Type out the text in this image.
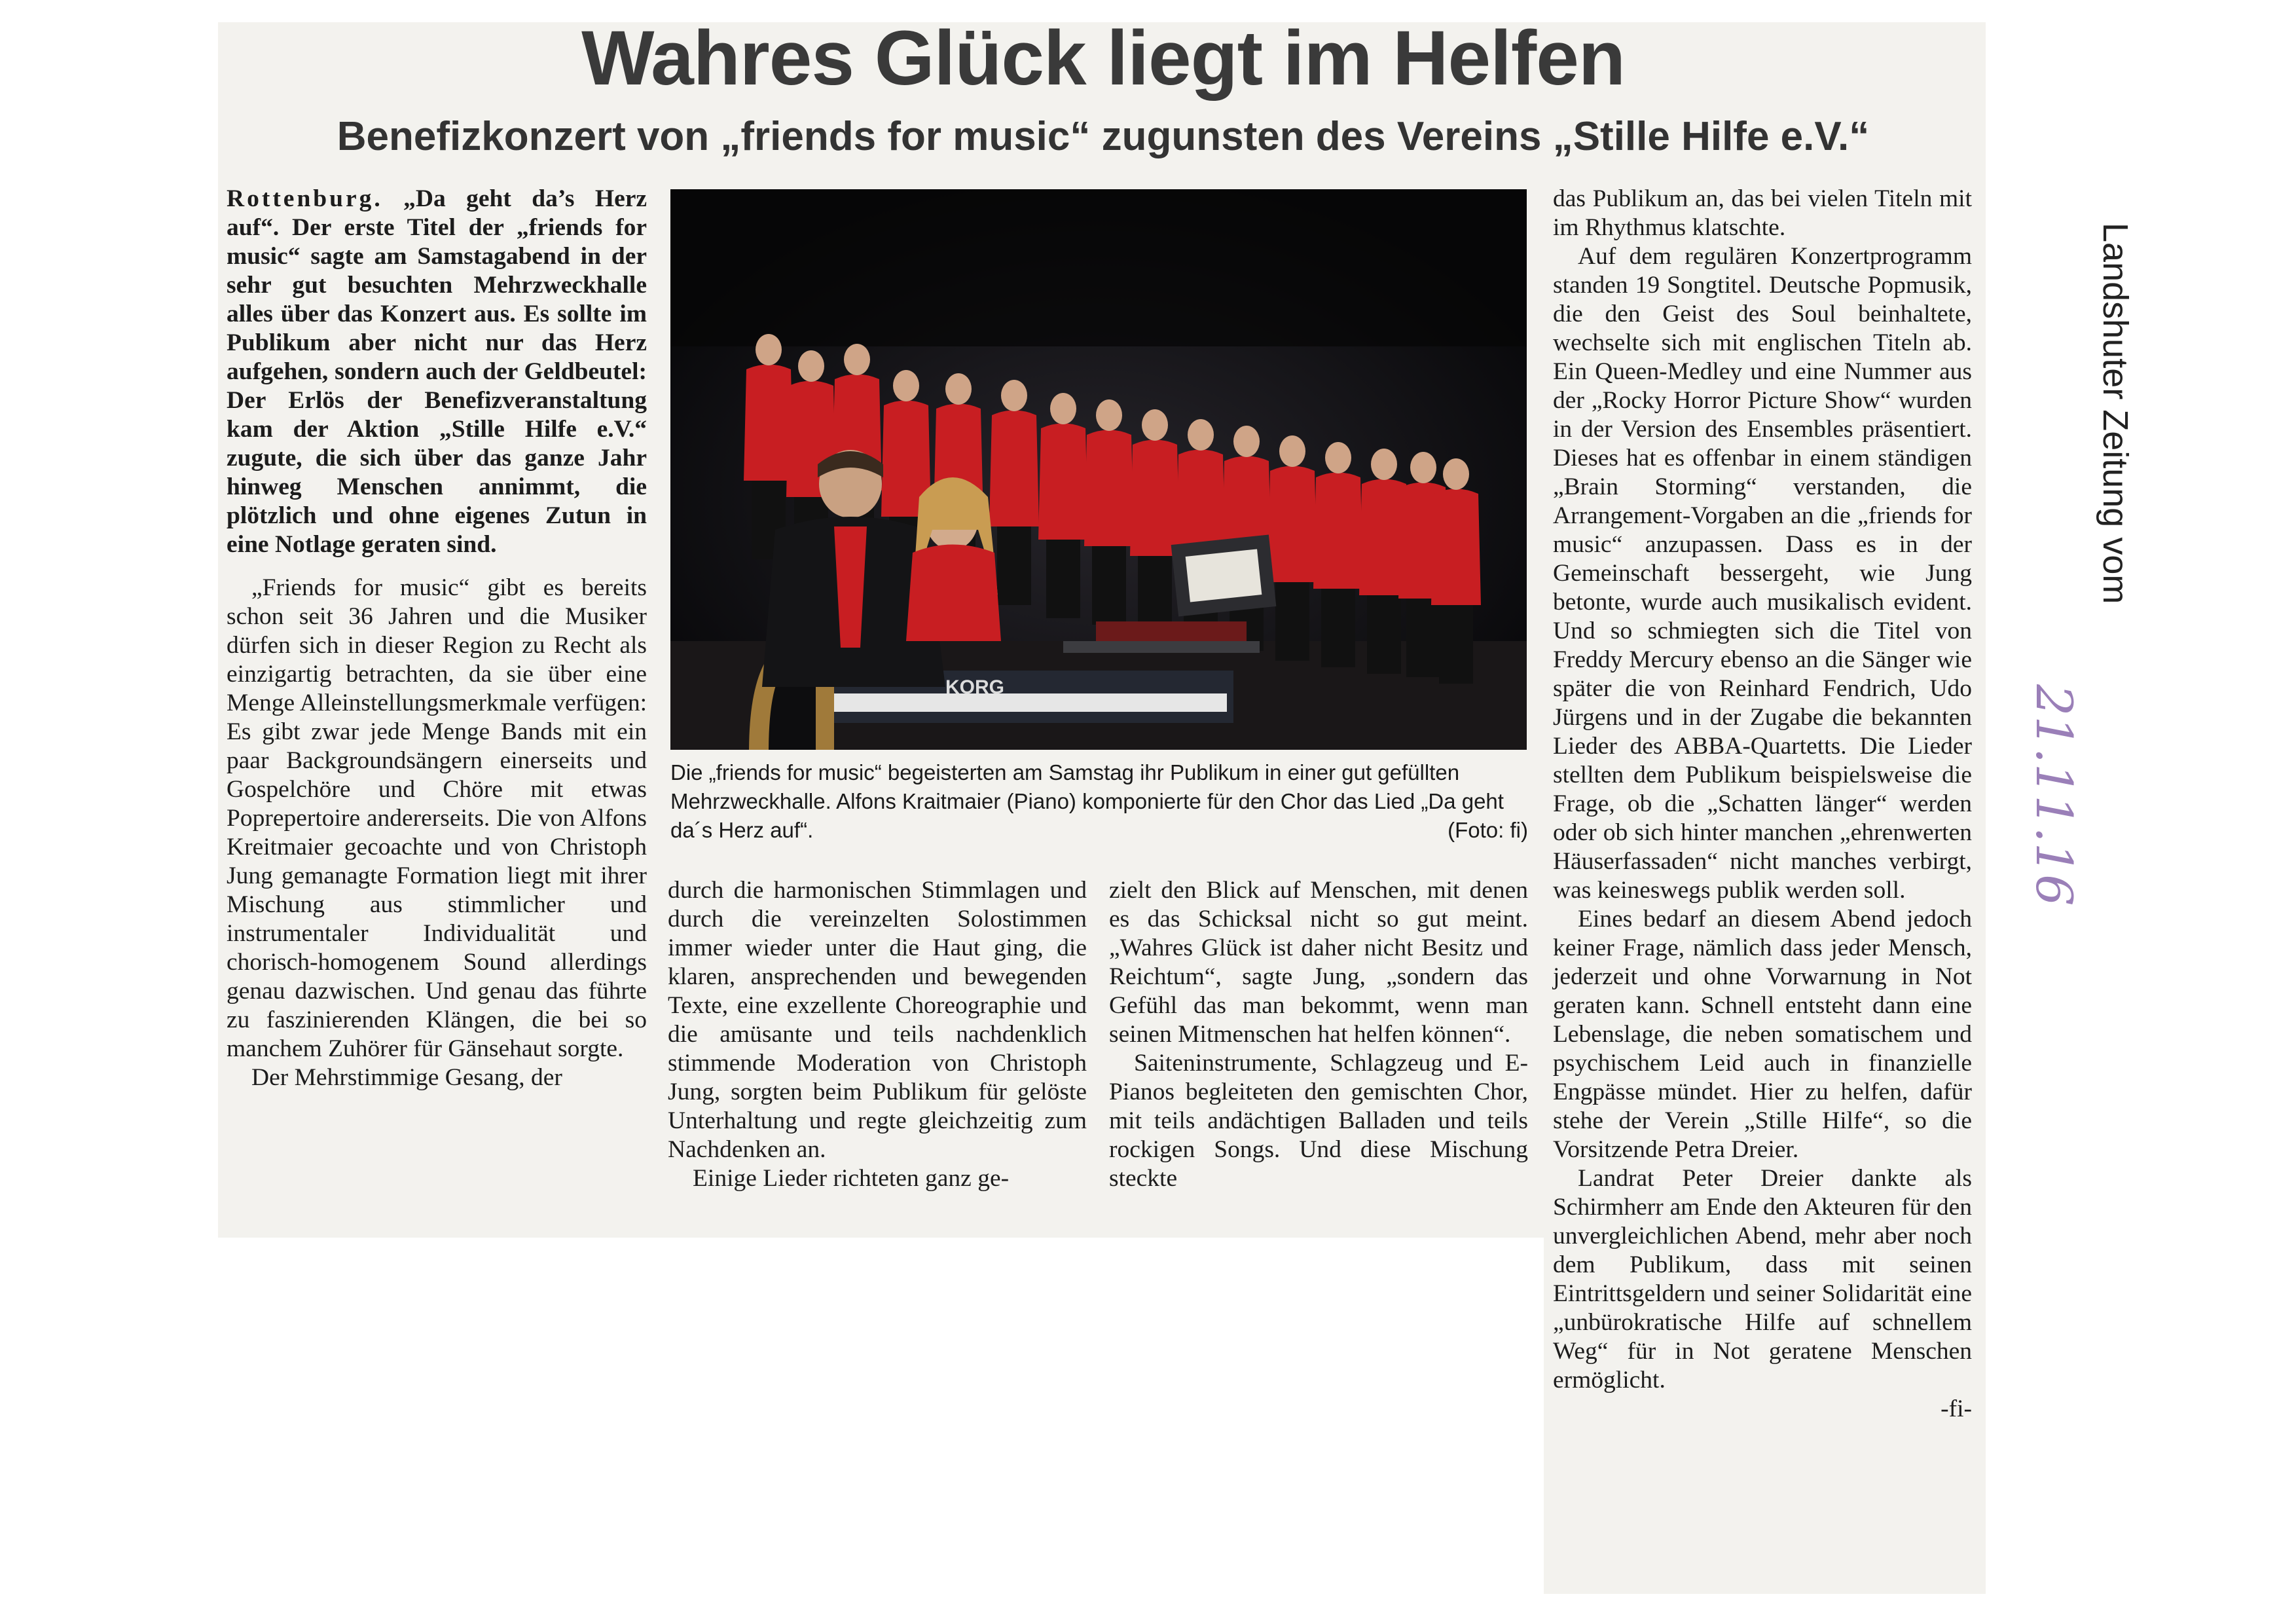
Wahres Glück liegt im Helfen
Benefizkonzert von „friends for music“ zugunsten des Vereins „Stille Hilfe e.V.“

Rottenburg. „Da geht da’s Herz auf“. Der erste Titel der „friends for music“ sagte am Samstagabend in der sehr gut besuchten Mehrzweckhalle alles über das Konzert aus. Es sollte im Publikum aber nicht nur das Herz aufgehen, sondern auch der Geldbeutel: Der Erlös der Benefizveranstaltung kam der Aktion „Stille Hilfe e.V.“ zugute, die sich über das ganze Jahr hinweg Menschen annimmt, die plötzlich und ohne eigenes Zutun in eine Notlage geraten sind.

„Friends for music“ gibt es bereits schon seit 36 Jahren und die Musiker dürfen sich in dieser Region zu Recht als einzigartig betrachten, da sie über eine Menge Alleinstellungsmerkmale verfügen: Es gibt zwar jede Menge Bands mit ein paar Backgroundsängern einerseits und Gospelchöre und Chöre mit etwas Poprepertoire andererseits. Die von Alfons Kreitmaier gecoachte und von Christoph Jung gemanagte Formation liegt mit ihrer Mischung aus stimmlicher und instrumentaler Individualität und chorisch-homogenem Sound allerdings genau dazwischen. Und genau das führte zu faszinierenden Klängen, die bei so manchem Zuhörer für Gänsehaut sorgte.

Der Mehrstimmige Gesang, der

KORG
Die „friends for music“ begeisterten am Samstag ihr Publikum in einer gut gefüllten Mehrzweckhalle. Alfons Kraitmaier (Piano) komponierte für den Chor das Lied „Da geht da´s Herz auf“.	(Foto: fi)

durch die harmonischen Stimmlagen und durch die vereinzelten Solostimmen immer wieder unter die Haut ging, die klaren, ansprechenden und bewegenden Texte, eine exzellente Choreographie und die amüsante und teils nachdenklich stimmende Moderation von Christoph Jung, sorgten beim Publikum für gelöste Unterhaltung und regte gleichzeitig zum Nachdenken an.

Einige Lieder richteten ganz ge-

zielt den Blick auf Menschen, mit denen es das Schicksal nicht so gut meint. „Wahres Glück ist daher nicht Besitz und Reichtum“, sagte Jung, „sondern das Gefühl das man bekommt, wenn man seinen Mitmenschen hat helfen können“.

Saiteninstrumente, Schlagzeug und E-Pianos begleiteten den gemischten Chor, mit teils andächtigen Balladen und teils rockigen Songs. Und diese Mischung steckte

das Publikum an, das bei vielen Titeln mit im Rhythmus klatschte.

Auf dem regulären Konzertprogramm standen 19 Songtitel. Deutsche Popmusik, die den Geist des Soul beinhaltete, wechselte sich mit englischen Titeln ab. Ein Queen-Medley und eine Nummer aus der „Rocky Horror Picture Show“ wurden in der Version des Ensembles präsentiert. Dieses hat es offenbar in einem ständigen „Brain Storming“ verstanden, die Arrangement-Vorgaben an die „friends for music“ anzupassen. Dass es in der Gemeinschaft bessergeht, wie Jung betonte, wurde auch musikalisch evident. Und so schmiegten sich die Titel von Freddy Mercury ebenso an die Sänger wie später die von Reinhard Fendrich, Udo Jürgens und in der Zugabe die bekannten Lieder des ABBA-Quartetts. Die Lieder stellten dem Publikum beispielsweise die Frage, ob die „Schatten länger“ werden oder ob sich hinter manchen „ehrenwerten Häuserfassaden“ nicht manches verbirgt, was keineswegs publik werden soll.

Eines bedarf an diesem Abend jedoch keiner Frage, nämlich dass jeder Mensch, jederzeit und ohne Vorwarnung in Not geraten kann. Schnell entsteht dann eine Lebenslage, die neben somatischem und psychischem Leid auch in finanzielle Engpässe mündet. Hier zu helfen, dafür stehe der Verein „Stille Hilfe“, so die Vorsitzende Petra Dreier.

Landrat Peter Dreier dankte als Schirmherr am Ende den Akteuren für den unvergleichlichen Abend, mehr aber noch dem Publikum, dass mit seinen Eintrittsgeldern und seiner Solidarität eine „unbürokratische Hilfe auf schnellem Weg“ für in Not geratene Menschen ermöglicht.

-fi-

Landshuter Zeitung vom
21.11.16
